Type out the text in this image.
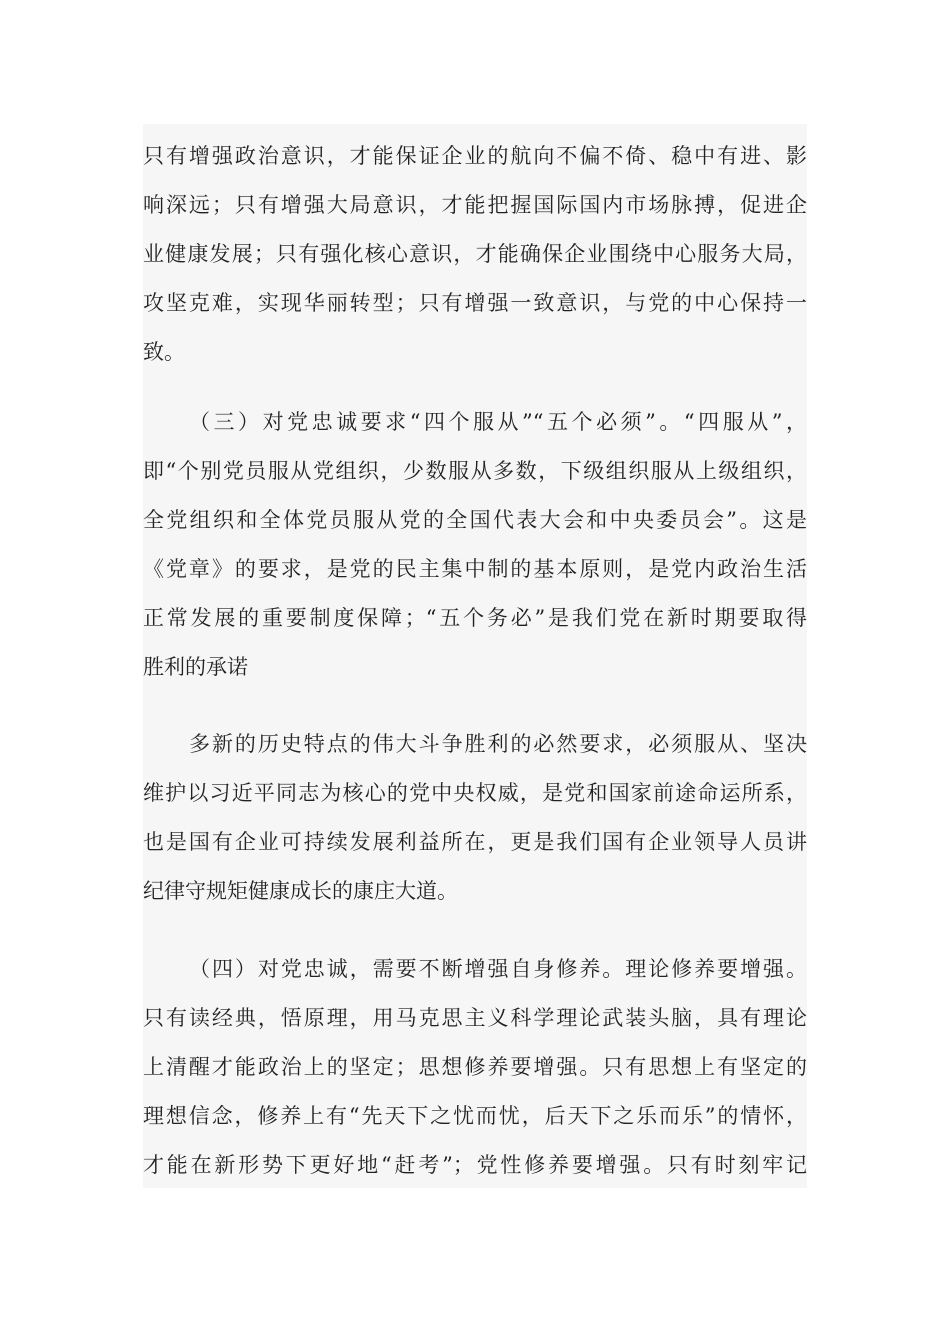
只有增强政治意识，才能保证企业的航向不偏不倚、稳中有进、影
响深远；只有增强大局意识，才能把握国际国内市场脉搏，促进企
业健康发展；只有强化核心意识，才能确保企业围绕中心服务大局，
攻坚克难，实现华丽转型；只有增强一致意识，与党的中心保持一
致。
（三）对党忠诚要求“四个服从”“五个必须”。“四服从”，
即“个别党员服从党组织，少数服从多数，下级组织服从上级组织，
全党组织和全体党员服从党的全国代表大会和中央委员会”。这是
《党章》的要求，是党的民主集中制的基本原则，是党内政治生活
正常发展的重要制度保障；“五个务必”是我们党在新时期要取得
胜利的承诺
多新的历史特点的伟大斗争胜利的必然要求，必须服从、坚决
维护以习近平同志为核心的党中央权威，是党和国家前途命运所系，
也是国有企业可持续发展利益所在，更是我们国有企业领导人员讲
纪律守规矩健康成长的康庄大道。
（四）对党忠诚，需要不断增强自身修养。理论修养要增强。
只有读经典，悟原理，用马克思主义科学理论武装头脑，具有理论
上清醒才能政治上的坚定；思想修养要增强。只有思想上有坚定的
理想信念，修养上有“先天下之忧而忧，后天下之乐而乐”的情怀，
才能在新形势下更好地“赶考”；党性修养要增强。只有时刻牢记
